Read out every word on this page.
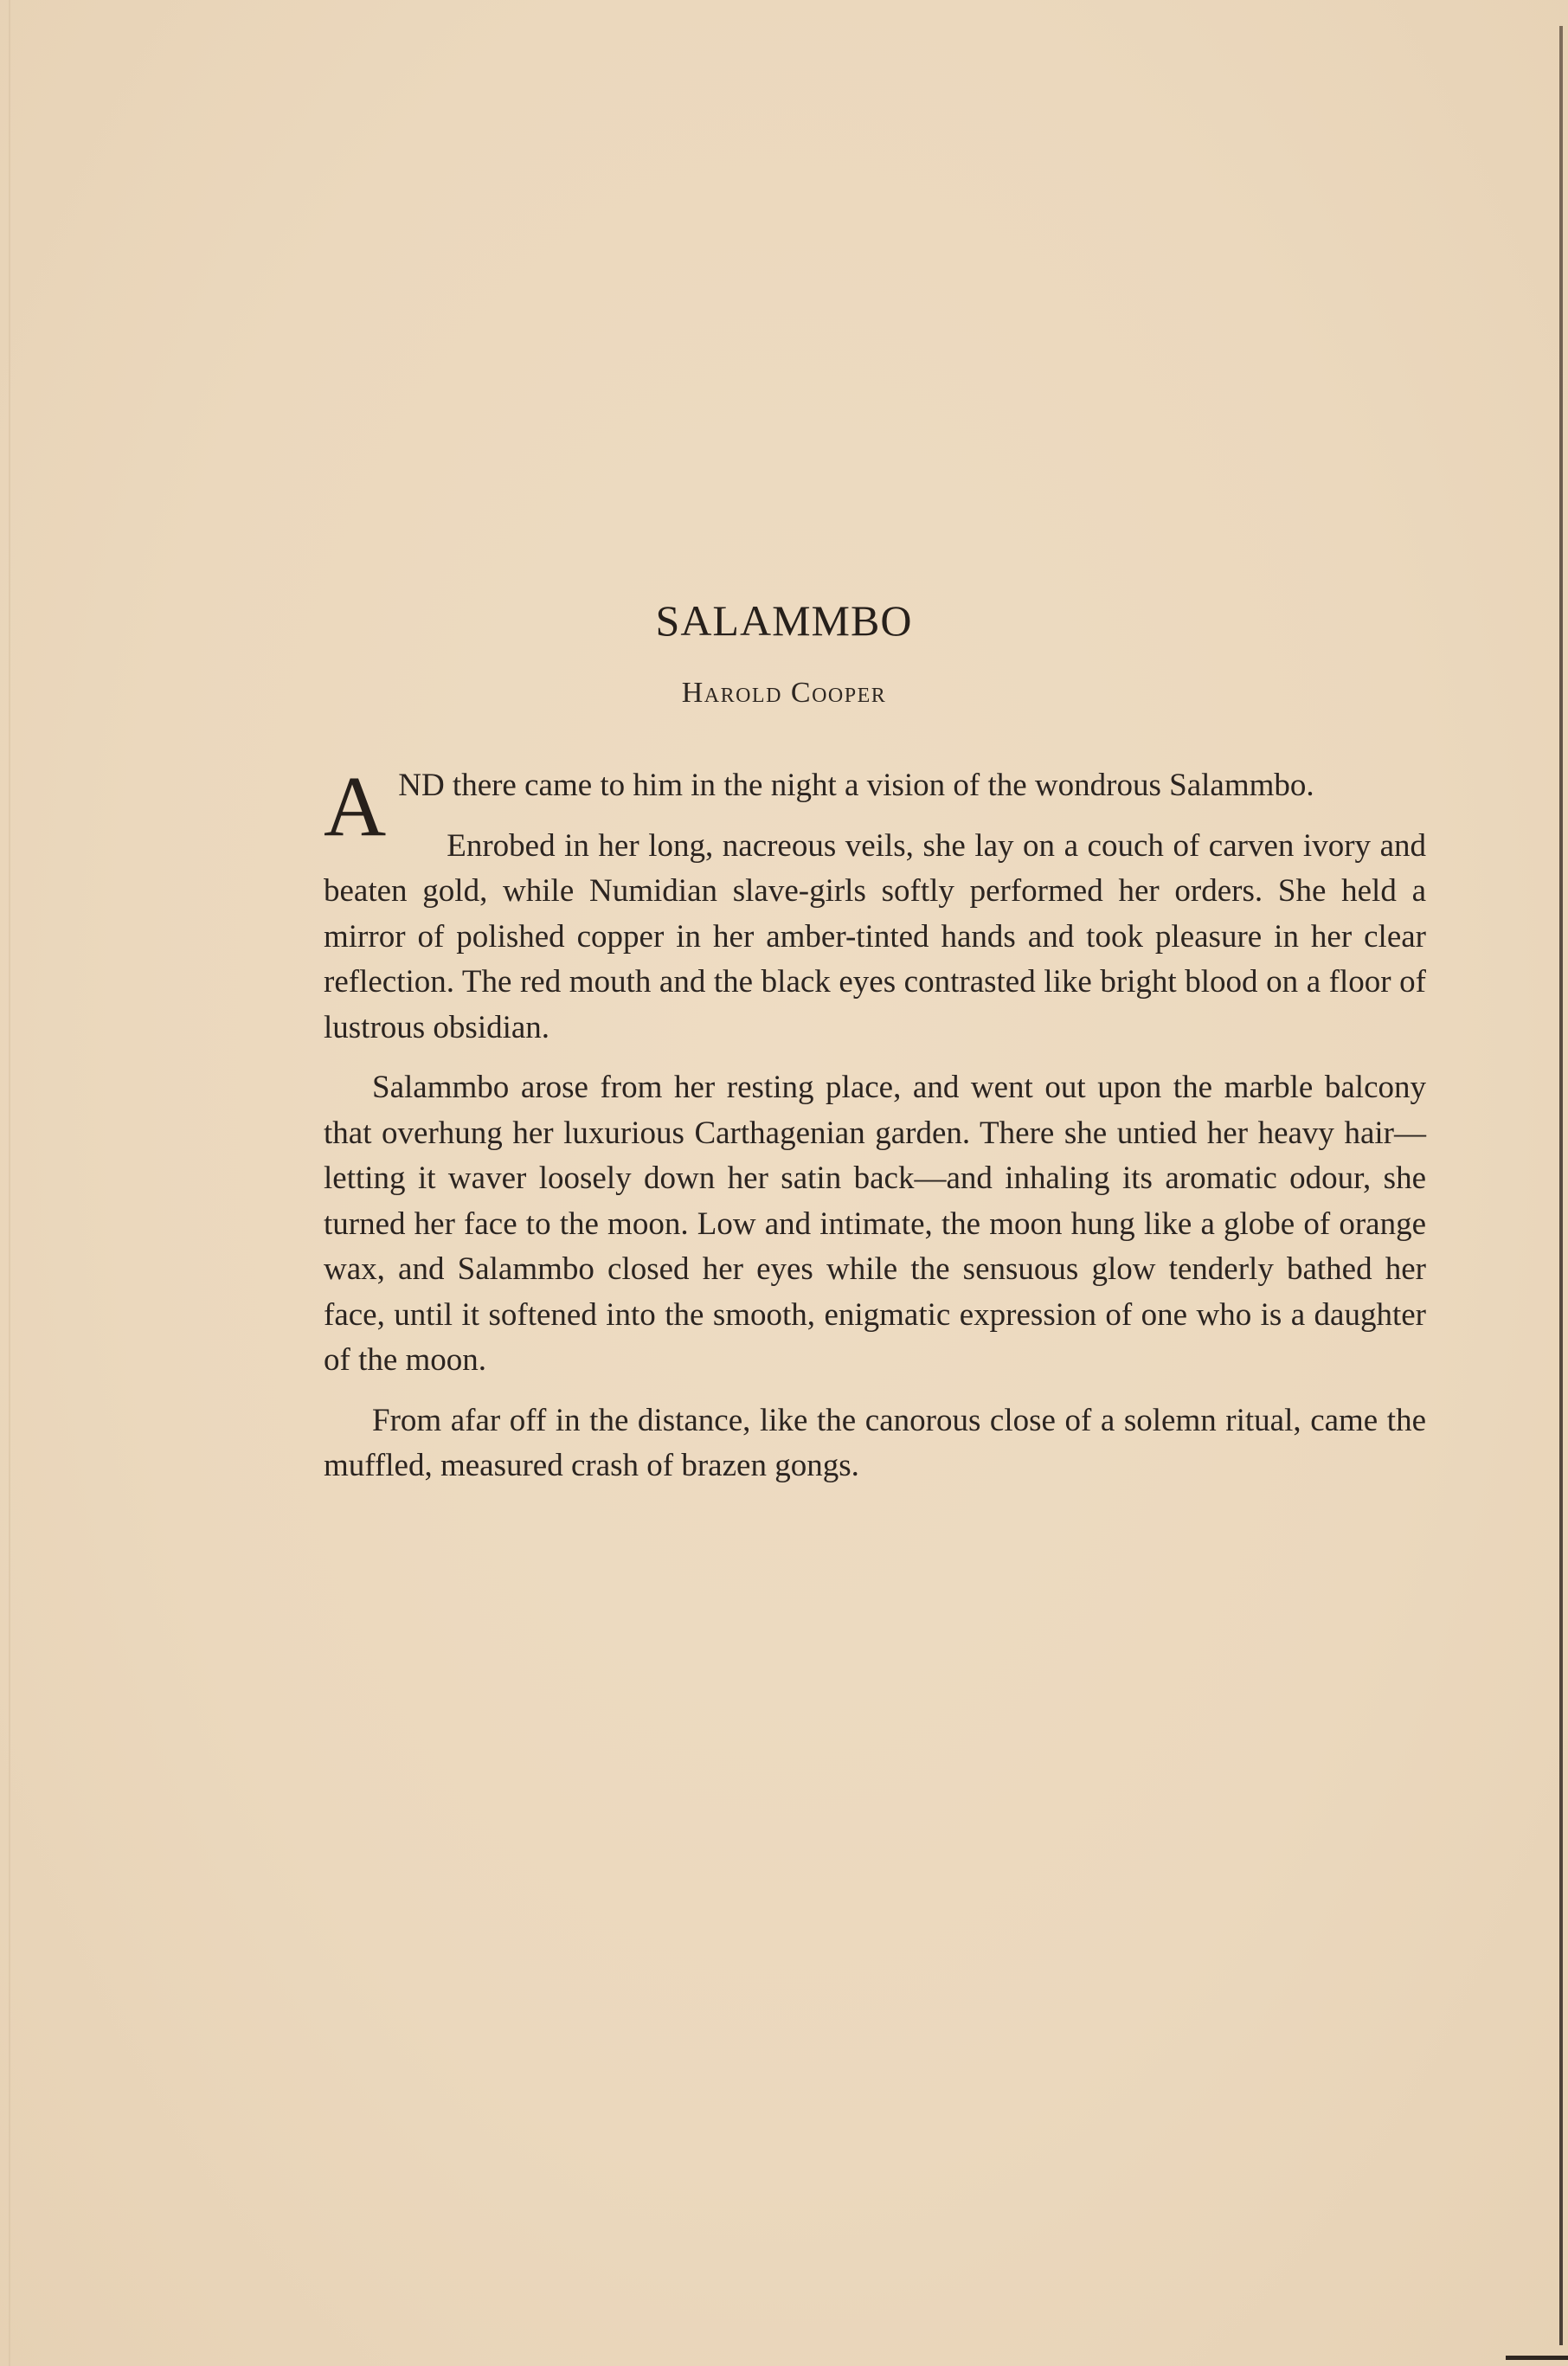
SALAMMBO
Harold Cooper

AND there came to him in the night a vision of the wondrous Salammbo.

Enrobed in her long, nacreous veils, she lay on a couch of carven ivory and beaten gold, while Numidian slave-girls softly performed her orders. She held a mirror of polished copper in her amber-tinted hands and took pleasure in her clear reflection. The red mouth and the black eyes contrasted like bright blood on a floor of lustrous obsidian.

Salammbo arose from her resting place, and went out upon the marble balcony that overhung her luxurious Carthagenian garden. There she untied her heavy hair—letting it waver loosely down her satin back—and inhaling its aromatic odour, she turned her face to the moon. Low and intimate, the moon hung like a globe of orange wax, and Salammbo closed her eyes while the sensuous glow tenderly bathed her face, until it softened into the smooth, enigmatic expression of one who is a daughter of the moon.

From afar off in the distance, like the canorous close of a solemn ritual, came the muffled, measured crash of brazen gongs.
